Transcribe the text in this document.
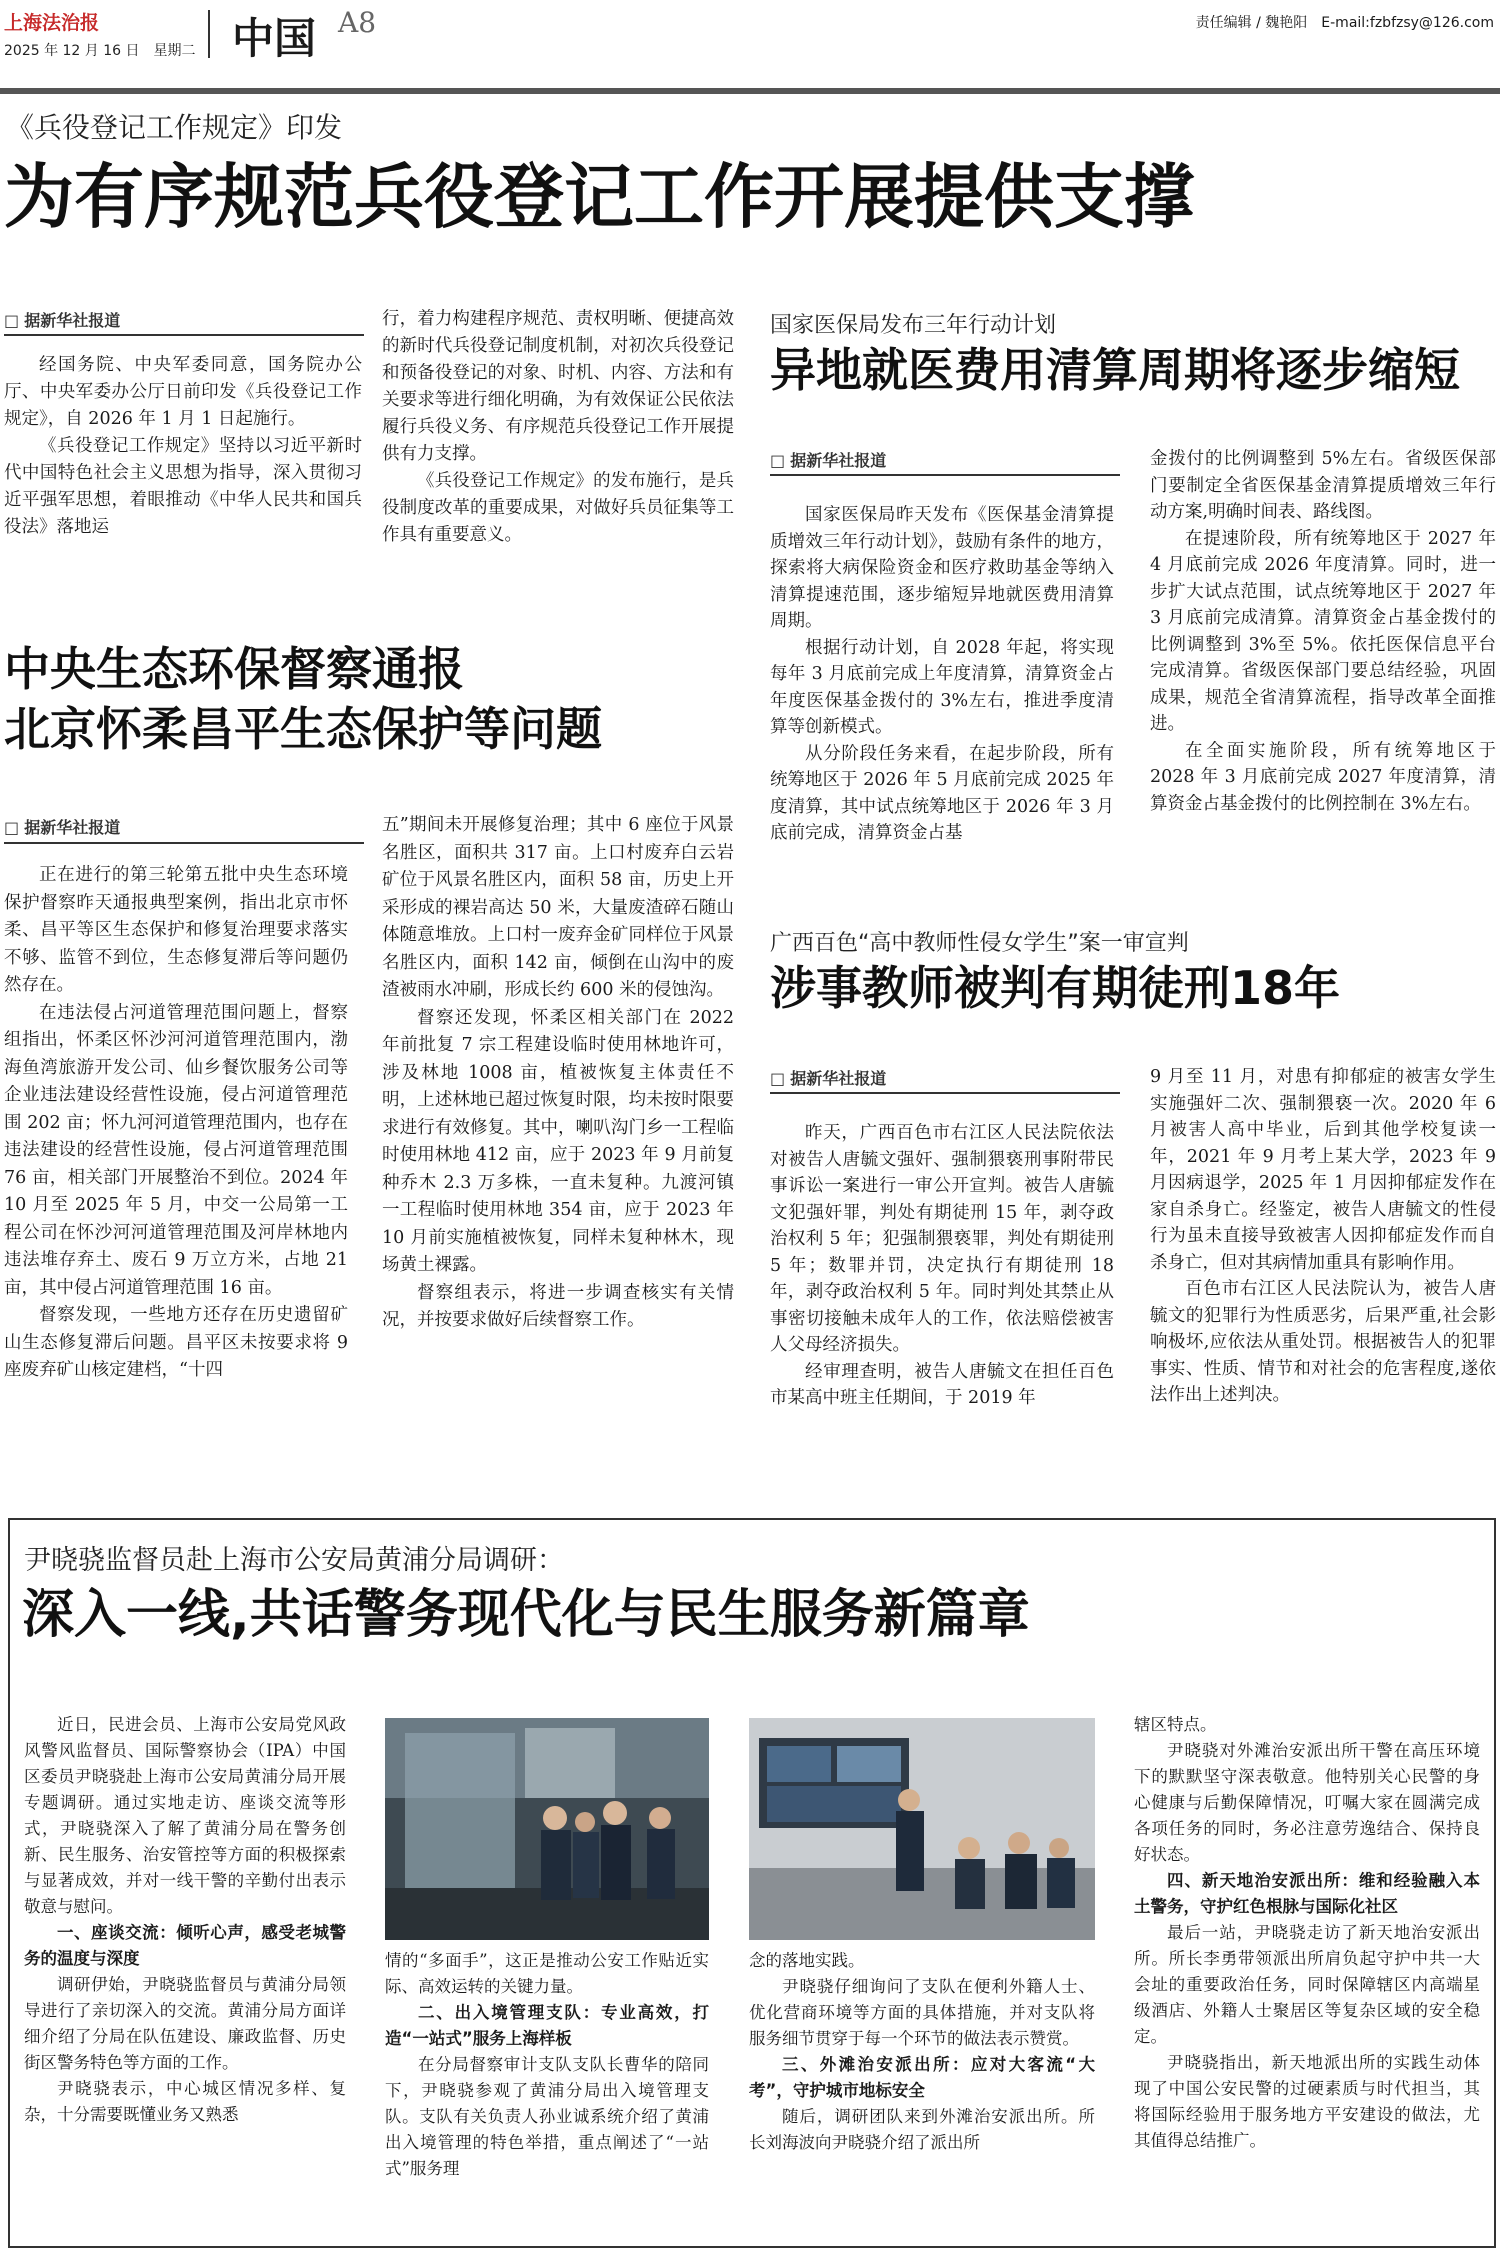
上海法治报
2025 年 12 月 16 日　星期二 中国 A8	责任编辑 / 魏艳阳　E-mail:fzbfzsy@126.com
《兵役登记工作规定》印发
为有序规范兵役登记工作开展提供支撑
□ 据新华社报道

经国务院、中央军委同意，国务院办公厅、中央军委办公厅日前印发《兵役登记工作规定》，自 2026 年 1 月 1 日起施行。

《兵役登记工作规定》坚持以习近平新时代中国特色社会主义思想为指导，深入贯彻习近平强军思想，着眼推动《中华人民共和国兵役法》落地运

行，着力构建程序规范、责权明晰、便捷高效的新时代兵役登记制度机制，对初次兵役登记和预备役登记的对象、时机、内容、方法和有关要求等进行细化明确，为有效保证公民依法履行兵役义务、有序规范兵役登记工作开展提供有力支撑。

《兵役登记工作规定》的发布施行，是兵役制度改革的重要成果，对做好兵员征集等工作具有重要意义。

中央生态环保督察通报
北京怀柔昌平生态保护等问题
□ 据新华社报道

正在进行的第三轮第五批中央生态环境保护督察昨天通报典型案例，指出北京市怀柔、昌平等区生态保护和修复治理要求落实不够、监管不到位，生态修复滞后等问题仍然存在。

在违法侵占河道管理范围问题上，督察组指出，怀柔区怀沙河河道管理范围内，渤海鱼湾旅游开发公司、仙乡餐饮服务公司等企业违法建设经营性设施，侵占河道管理范围 202 亩；怀九河河道管理范围内，也存在违法建设的经营性设施，侵占河道管理范围 76 亩，相关部门开展整治不到位。2024 年 10 月至 2025 年 5 月，中交一公局第一工程公司在怀沙河河道管理范围及河岸林地内违法堆存弃土、废石 9 万立方米，占地 21 亩，其中侵占河道管理范围 16 亩。

督察发现，一些地方还存在历史遗留矿山生态修复滞后问题。昌平区未按要求将 9 座废弃矿山核定建档，“十四

五”期间未开展修复治理；其中 6 座位于风景名胜区，面积共 317 亩。上口村废弃白云岩矿位于风景名胜区内，面积 58 亩，历史上开采形成的裸岩高达 50 米，大量废渣碎石随山体随意堆放。上口村一废弃金矿同样位于风景名胜区内，面积 142 亩，倾倒在山沟中的废渣被雨水冲刷，形成长约 600 米的侵蚀沟。

督察还发现，怀柔区相关部门在 2022 年前批复 7 宗工程建设临时使用林地许可，涉及林地 1008 亩，植被恢复主体责任不明，上述林地已超过恢复时限，均未按时限要求进行有效修复。其中，喇叭沟门乡一工程临时使用林地 412 亩，应于 2023 年 9 月前复种乔木 2.3 万多株，一直未复种。九渡河镇一工程临时使用林地 354 亩，应于 2023 年 10 月前实施植被恢复，同样未复种林木，现场黄土裸露。

督察组表示，将进一步调查核实有关情况，并按要求做好后续督察工作。

国家医保局发布三年行动计划
异地就医费用清算周期将逐步缩短
□ 据新华社报道

国家医保局昨天发布《医保基金清算提质增效三年行动计划》，鼓励有条件的地方，探索将大病保险资金和医疗救助基金等纳入清算提速范围，逐步缩短异地就医费用清算周期。

根据行动计划，自 2028 年起，将实现每年 3 月底前完成上年度清算，清算资金占年度医保基金拨付的 3%左右，推进季度清算等创新模式。

从分阶段任务来看，在起步阶段，所有统筹地区于 2026 年 5 月底前完成 2025 年度清算，其中试点统筹地区于 2026 年 3 月底前完成，清算资金占基

金拨付的比例调整到 5%左右。省级医保部门要制定全省医保基金清算提质增效三年行动方案,明确时间表、路线图。

在提速阶段，所有统筹地区于 2027 年 4 月底前完成 2026 年度清算。同时，进一步扩大试点范围，试点统筹地区于 2027 年 3 月底前完成清算。清算资金占基金拨付的比例调整到 3%至 5%。依托医保信息平台完成清算。省级医保部门要总结经验，巩固成果，规范全省清算流程，指导改革全面推进。

在全面实施阶段，所有统筹地区于 2028 年 3 月底前完成 2027 年度清算，清算资金占基金拨付的比例控制在 3%左右。

广西百色“高中教师性侵女学生”案一审宣判
涉事教师被判有期徒刑18年
□ 据新华社报道

昨天，广西百色市右江区人民法院依法对被告人唐毓文强奸、强制猥亵刑事附带民事诉讼一案进行一审公开宣判。被告人唐毓文犯强奸罪，判处有期徒刑 15 年，剥夺政治权利 5 年；犯强制猥亵罪，判处有期徒刑 5 年；数罪并罚，决定执行有期徒刑 18 年，剥夺政治权利 5 年。同时判处其禁止从事密切接触未成年人的工作，依法赔偿被害人父母经济损失。

经审理查明，被告人唐毓文在担任百色市某高中班主任期间，于 2019 年

9 月至 11 月，对患有抑郁症的被害女学生实施强奸二次、强制猥亵一次。2020 年 6 月被害人高中毕业，后到其他学校复读一年，2021 年 9 月考上某大学，2023 年 9 月因病退学，2025 年 1 月因抑郁症发作在家自杀身亡。经鉴定，被告人唐毓文的性侵行为虽未直接导致被害人因抑郁症发作而自杀身亡，但对其病情加重具有影响作用。

百色市右江区人民法院认为，被告人唐毓文的犯罪行为性质恶劣，后果严重,社会影响极坏,应依法从重处罚。根据被告人的犯罪事实、性质、情节和对社会的危害程度,遂依法作出上述判决。

尹晓骁监督员赴上海市公安局黄浦分局调研：
深入一线,共话警务现代化与民生服务新篇章

近日，民进会员、上海市公安局党风政风警风监督员、国际警察协会（IPA）中国区委员尹晓骁赴上海市公安局黄浦分局开展专题调研。通过实地走访、座谈交流等形式，尹晓骁深入了解了黄浦分局在警务创新、民生服务、治安管控等方面的积极探索与显著成效，并对一线干警的辛勤付出表示敬意与慰问。

一、座谈交流：倾听心声，感受老城警务的温度与深度

调研伊始，尹晓骁监督员与黄浦分局领导进行了亲切深入的交流。黄浦分局方面详细介绍了分局在队伍建设、廉政监督、历史街区警务特色等方面的工作。

尹晓骁表示，中心城区情况多样、复杂，十分需要既懂业务又熟悉

情的“多面手”，这正是推动公安工作贴近实际、高效运转的关键力量。

二、出入境管理支队：专业高效，打造“一站式”服务上海样板

在分局督察审计支队支队长曹华的陪同下，尹晓骁参观了黄浦分局出入境管理支队。支队有关负责人孙业诚系统介绍了黄浦出入境管理的特色举措，重点阐述了“一站式”服务理

念的落地实践。

尹晓骁仔细询问了支队在便利外籍人士、优化营商环境等方面的具体措施，并对支队将服务细节贯穿于每一个环节的做法表示赞赏。

三、外滩治安派出所：应对大客流“大考”，守护城市地标安全

随后，调研团队来到外滩治安派出所。所长刘海波向尹晓骁介绍了派出所

辖区特点。

尹晓骁对外滩治安派出所干警在高压环境下的默默坚守深表敬意。他特别关心民警的身心健康与后勤保障情况，叮嘱大家在圆满完成各项任务的同时，务必注意劳逸结合、保持良好状态。

四、新天地治安派出所：维和经验融入本土警务，守护红色根脉与国际化社区

最后一站，尹晓骁走访了新天地治安派出所。所长李勇带领派出所肩负起守护中共一大会址的重要政治任务，同时保障辖区内高端星级酒店、外籍人士聚居区等复杂区域的安全稳定。

尹晓骁指出，新天地派出所的实践生动体现了中国公安民警的过硬素质与时代担当，其将国际经验用于服务地方平安建设的做法，尤其值得总结推广。
